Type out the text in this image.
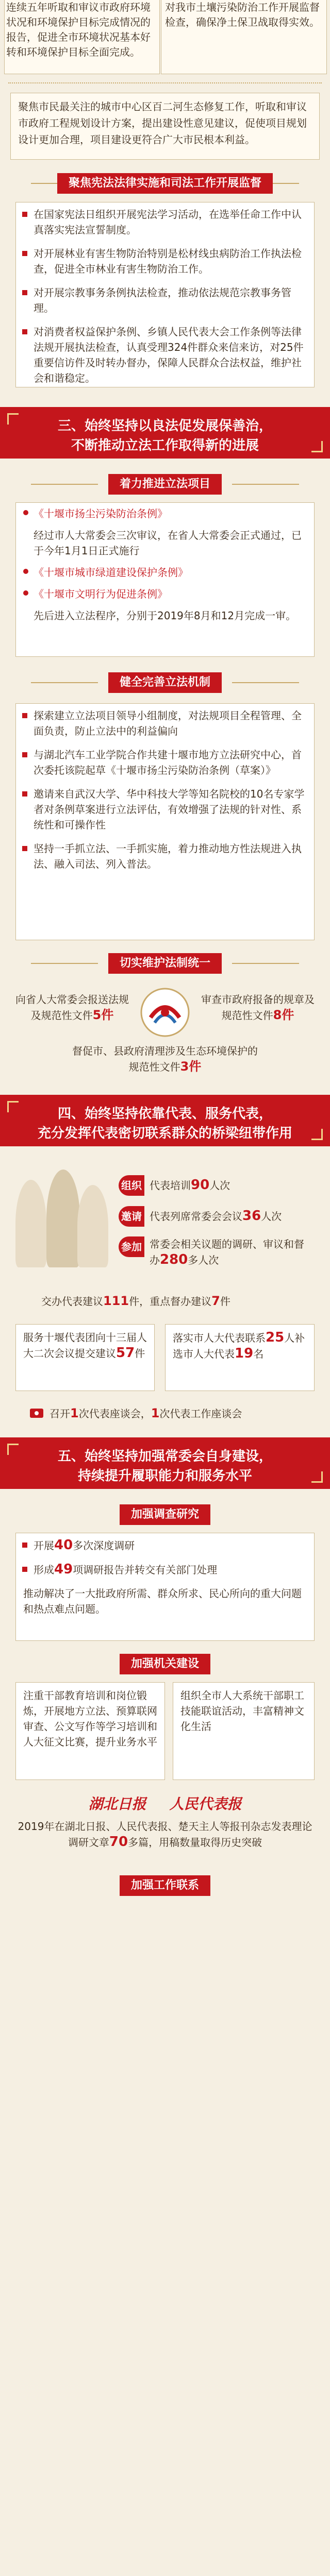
连续五年听取和审议市政府环境状况和环境保护目标完成情况的报告，促进全市环境状况基本好转和环境保护目标全面完成。
对我市土壤污染防治工作开展监督检查，确保净土保卫战取得实效。

聚焦市民最关注的城市中心区百二河生态修复工作，听取和审议市政府工程规划设计方案，提出建设性意见建议，促使项目规划设计更加合理，项目建设更符合广大市民根本利益。

聚焦宪法法律实施和司法工作开展监督
在国家宪法日组织开展宪法学习活动，在选举任命工作中认真落实宪法宣誓制度。
对开展林业有害生物防治特别是松材线虫病防治工作执法检查，促进全市林业有害生物防治工作。
对开展宗教事务条例执法检查，推动依法规范宗教事务管理。
对消费者权益保护条例、乡镇人民代表大会工作条例等法律法规开展执法检查，认真受理324件群众来信来访，对25件重要信访件及时转办督办，保障人民群众合法权益，维护社会和谐稳定。
三、始终坚持以良法促发展保善治，
不断推动立法工作取得新的进展
着力推进立法项目
《十堰市扬尘污染防治条例》
经过市人大常委会三次审议，在省人大常委会正式通过，已于今年1月1日正式施行
《十堰市城市绿道建设保护条例》
《十堰市文明行为促进条例》
先后进入立法程序，分别于2019年8月和12月完成一审。
健全完善立法机制
探索建立立法项目领导小组制度，对法规项目全程管理、全面负责，防止立法中的利益偏向
与湖北汽车工业学院合作共建十堰市地方立法研究中心，首次委托该院起草《十堰市扬尘污染防治条例（草案）》
邀请来自武汉大学、华中科技大学等知名院校的10名专家学者对条例草案进行立法评估，有效增强了法规的针对性、系统性和可操作性
坚持一手抓立法、一手抓实施，着力推动地方性法规进入执法、融入司法、列入普法。
切实维护法制统一
向省人大常委会报送法规及规范性文件5件
审查市政府报备的规章及规范性文件8件
督促市、县政府清理涉及生态环境保护的规范性文件3件
四、始终坚持依靠代表、服务代表，
充分发挥代表密切联系群众的桥梁纽带作用
组织 代表培训90人次
邀请 代表列席常委会会议36人次
参加 常委会相关议题的调研、审议和督办280多人次
交办代表建议111件，重点督办建议7件
服务十堰代表团向十三届人大二次会议提交建议57件
落实市人大代表联系25人补选市人大代表19名
召开1次代表座谈会，1次代表工作座谈会
五、始终坚持加强常委会自身建设，
持续提升履职能力和服务水平
加强调查研究
开展40多次深度调研
形成49项调研报告并转交有关部门处理
推动解决了一大批政府所需、群众所求、民心所向的重大问题和热点难点问题。
加强机关建设
注重干部教育培训和岗位锻炼，开展地方立法、预算联网审查、公文写作等学习培训和人大征文比赛，提升业务水平
组织全市人大系统干部职工技能联谊活动，丰富精神文化生活
湖北日报 人民代表报
2019年在湖北日报、人民代表报、楚天主人等报刊杂志发表理论调研文章70多篇，用稿数量取得历史突破
加强工作联系
